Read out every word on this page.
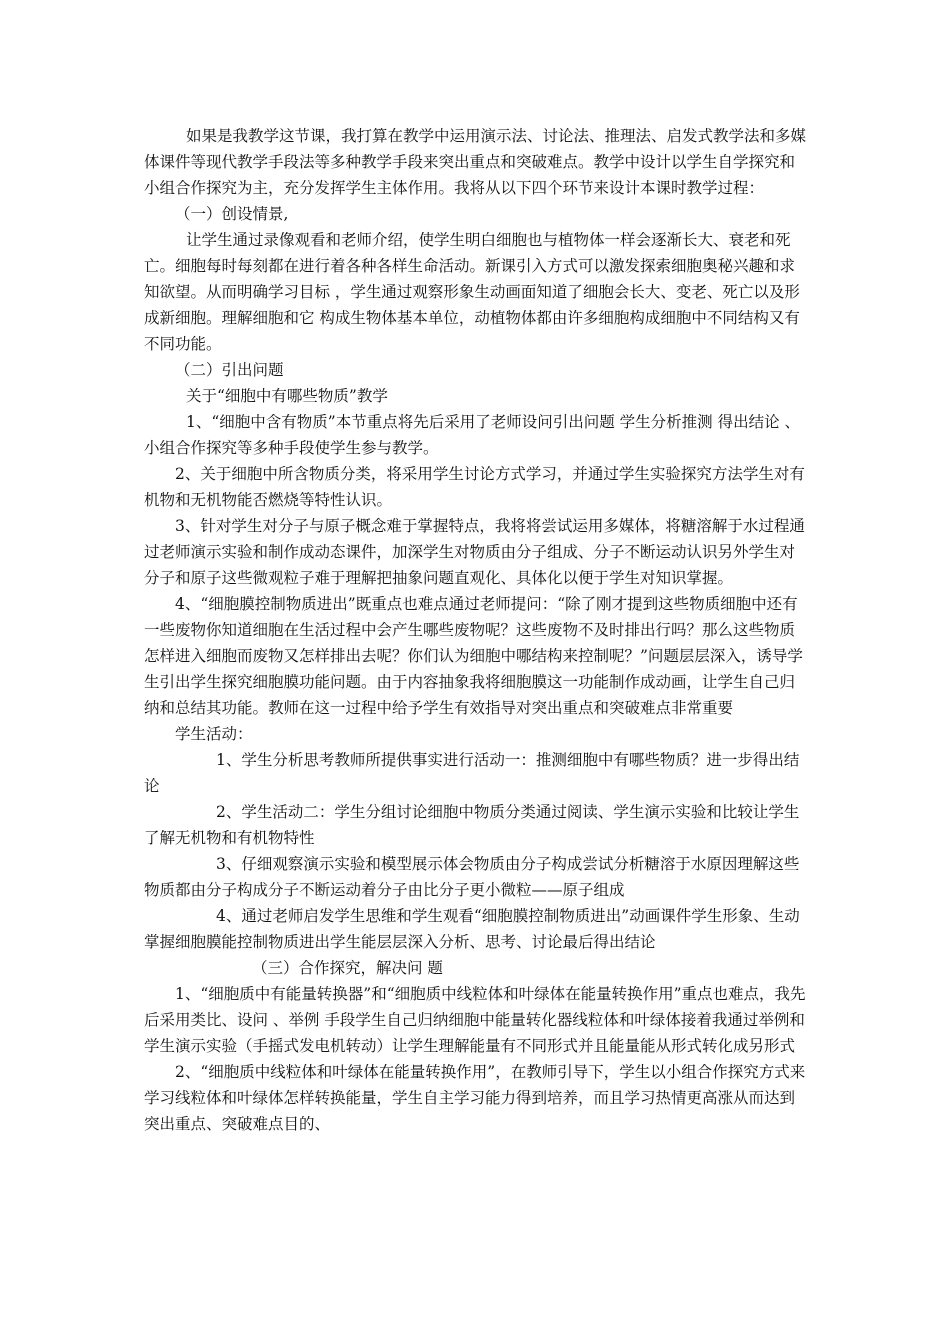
如果是我教学这节课，我打算在教学中运用演示法、讨论法、推理法、启发式教学法和多媒体课件等现代教学手段法等多种教学手段来突出重点和突破难点。教学中设计以学生自学探究和小组合作探究为主，充分发挥学生主体作用。我将从以下四个环节来设计本课时教学过程：

（一）创设情景,

让学生通过录像观看和老师介绍，使学生明白细胞也与植物体一样会逐渐长大、衰老和死亡。细胞每时每刻都在进行着各种各样生命活动。新课引入方式可以激发探索细胞奥秘兴趣和求知欲望。从而明确学习目标 ，学生通过观察形象生动画面知道了细胞会长大、变老、死亡以及形成新细胞。理解细胞和它 构成生物体基本单位，动植物体都由许多细胞构成细胞中不同结构又有不同功能。

（二）引出问题

关于“细胞中有哪些物质”教学

1、“细胞中含有物质”本节重点将先后采用了老师设问引出问题 学生分析推测 得出结论 、小组合作探究等多种手段使学生参与教学。

2、关于细胞中所含物质分类，将采用学生讨论方式学习，并通过学生实验探究方法学生对有机物和无机物能否燃烧等特性认识。

3、针对学生对分子与原子概念难于掌握特点，我将将尝试运用多媒体，将糖溶解于水过程通过老师演示实验和制作成动态课件，加深学生对物质由分子组成、分子不断运动认识另外学生对分子和原子这些微观粒子难于理解把抽象问题直观化、具体化以便于学生对知识掌握。

4、“细胞膜控制物质进出”既重点也难点通过老师提问：“除了刚才提到这些物质细胞中还有一些废物你知道细胞在生活过程中会产生哪些废物呢？这些废物不及时排出行吗？那么这些物质怎样进入细胞而废物又怎样排出去呢？你们认为细胞中哪结构来控制呢？”问题层层深入，诱导学生引出学生探究细胞膜功能问题。由于内容抽象我将细胞膜这一功能制作成动画，让学生自己归纳和总结其功能。教师在这一过程中给予学生有效指导对突出重点和突破难点非常重要

学生活动：

1、学生分析思考教师所提供事实进行活动一：推测细胞中有哪些物质？进一步得出结论

2、学生活动二：学生分组讨论细胞中物质分类通过阅读、学生演示实验和比较让学生了解无机物和有机物特性

3、仔细观察演示实验和模型展示体会物质由分子构成尝试分析糖溶于水原因理解这些物质都由分子构成分子不断运动着分子由比分子更小微粒——原子组成

4、通过老师启发学生思维和学生观看“细胞膜控制物质进出”动画课件学生形象、生动掌握细胞膜能控制物质进出学生能层层深入分析、思考、讨论最后得出结论

（三）合作探究，解决问 题

1、“细胞质中有能量转换器”和“细胞质中线粒体和叶绿体在能量转换作用”重点也难点，我先后采用类比、设问 、举例 手段学生自己归纳细胞中能量转化器线粒体和叶绿体接着我通过举例和学生演示实验（手摇式发电机转动）让学生理解能量有不同形式并且能量能从形式转化成另形式

2、“细胞质中线粒体和叶绿体在能量转换作用”，在教师引导下，学生以小组合作探究方式来学习线粒体和叶绿体怎样转换能量，学生自主学习能力得到培养，而且学习热情更高涨从而达到突出重点、突破难点目的、
